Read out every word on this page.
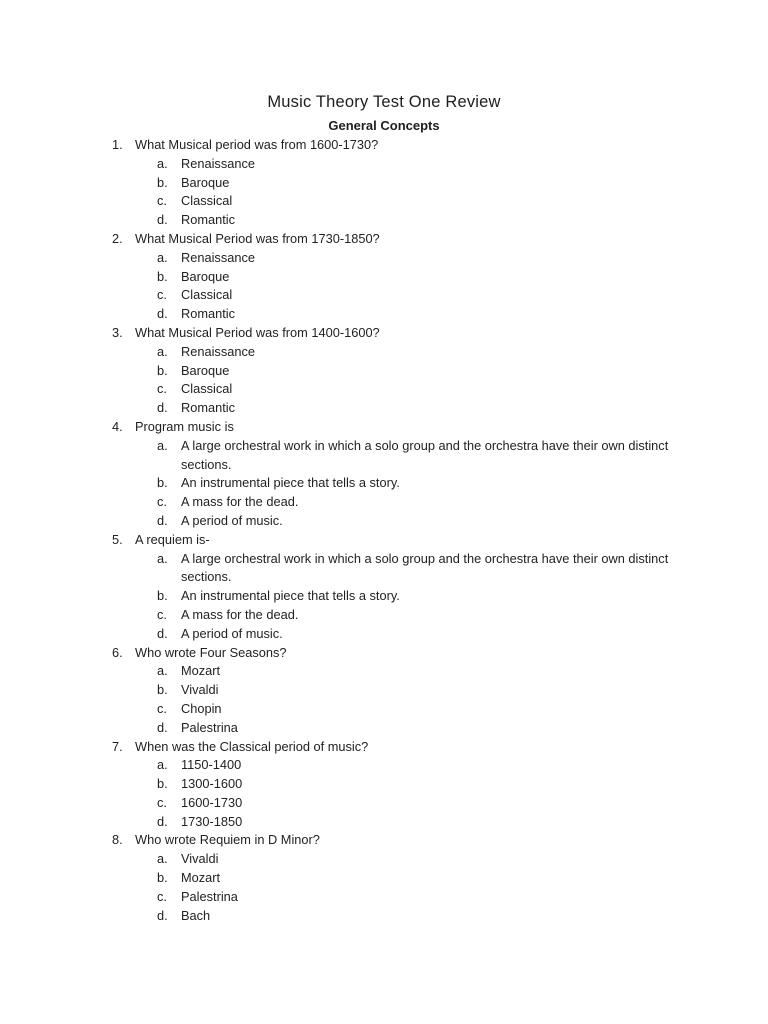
Music Theory Test One Review
General Concepts
1. What Musical period was from 1600-1730?
a.	Renaissance
b.	Baroque
c.	Classical
d.	Romantic
2. What Musical Period was from 1730-1850?
a.	Renaissance
b.	Baroque
c.	Classical
d.	Romantic
3. What Musical Period was from 1400-1600?
a.	Renaissance
b.	Baroque
c.	Classical
d.	Romantic
4. Program music is
a.	A large orchestral work in which a solo group and the orchestra have their own distinct sections.
b.	An instrumental piece that tells a story.
c.	A mass for the dead.
d.	A period of music.
5. A requiem is-
a.	A large orchestral work in which a solo group and the orchestra have their own distinct sections.
b.	An instrumental piece that tells a story.
c.	A mass for the dead.
d.	A period of music.
6. Who wrote Four Seasons?
a.	Mozart
b.	Vivaldi
c.	Chopin
d.	Palestrina
7. When was the Classical period of music?
a.	1150-1400
b.	1300-1600
c.	1600-1730
d.	1730-1850
8. Who wrote Requiem in D Minor?
a.	Vivaldi
b.	Mozart
c.	Palestrina
d.	Bach
